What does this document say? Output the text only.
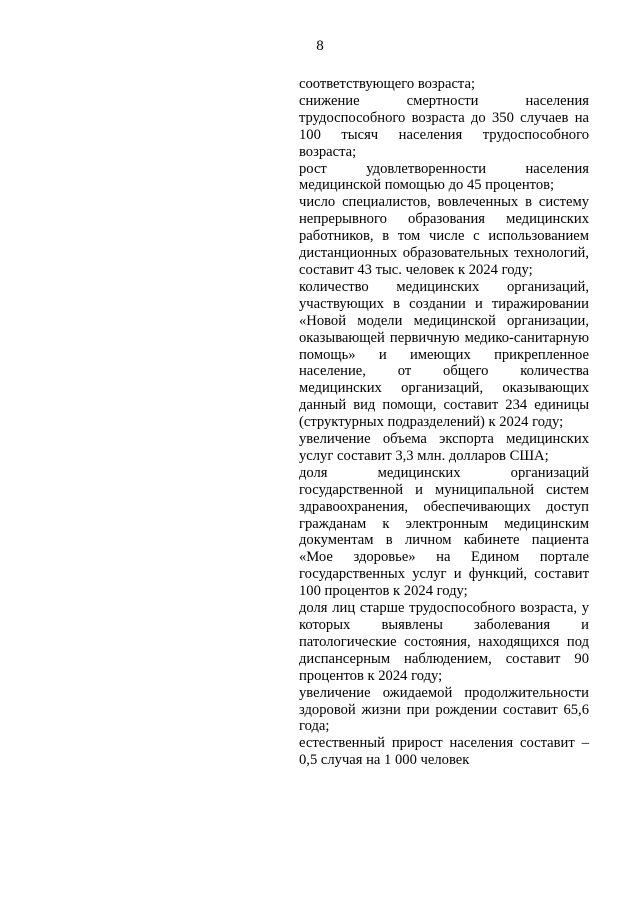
8

соответствующего возраста;

снижение смертности населения трудоспособного возраста до 350 случаев на 100 тысяч населения трудоспособного возраста;

рост удовлетворенности населения медицинской помощью до 45 процентов;

число специалистов, вовлеченных в систему непрерывного образования медицинских работников, в том числе с использованием дистанционных образовательных технологий, составит 43 тыс. человек к 2024 году;

количество медицинских организаций, участвующих в создании и тиражировании «Новой модели медицинской организации, оказывающей первичную медико-санитарную помощь» и имеющих прикрепленное население, от общего количества медицинских организаций, оказывающих данный вид помощи, составит 234 единицы (структурных подразделений) к 2024 году;

увеличение объема экспорта медицинских услуг составит 3,3 млн. долларов США;

доля медицинских организаций государственной и муниципальной систем здравоохранения, обеспечивающих доступ гражданам к электронным медицинским документам в личном кабинете пациента «Мое здоровье» на Едином портале государственных услуг и функций, составит 100 процентов к 2024 году;

доля лиц старше трудоспособного возраста, у которых выявлены заболевания и патологические состояния, находящихся под диспансерным наблюдением, составит 90 процентов к 2024 году;

увеличение ожидаемой продолжительности здоровой жизни при рождении составит 65,6 года;

естественный прирост населения составит – 0,5 случая на 1 000 человек
